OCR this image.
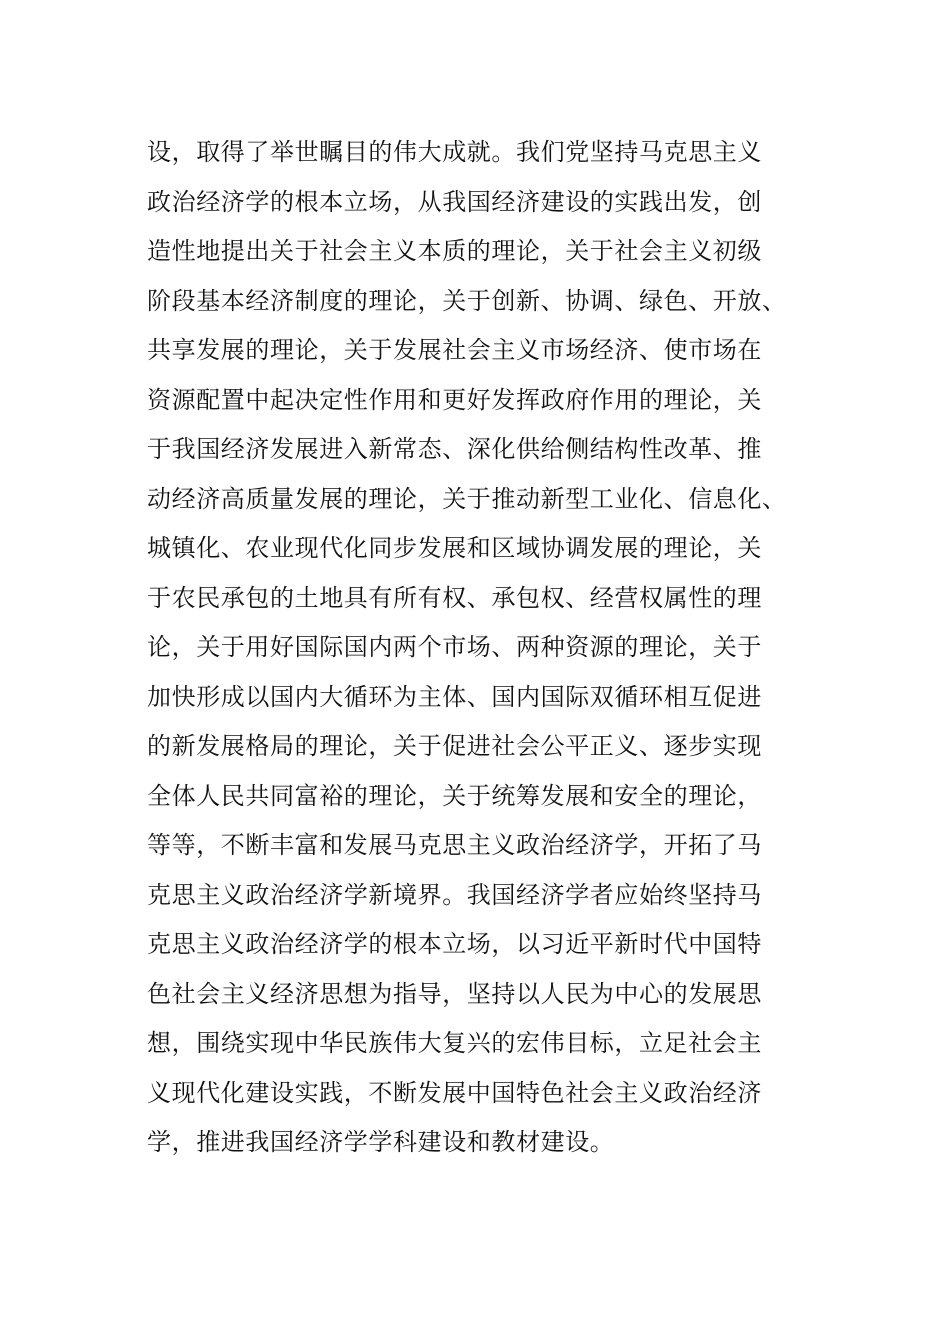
设，取得了举世瞩目的伟大成就。我们党坚持马克思主义
政治经济学的根本立场，从我国经济建设的实践出发，创
造性地提出关于社会主义本质的理论，关于社会主义初级
阶段基本经济制度的理论，关于创新、协调、绿色、开放、
共享发展的理论，关于发展社会主义市场经济、使市场在
资源配置中起决定性作用和更好发挥政府作用的理论，关
于我国经济发展进入新常态、深化供给侧结构性改革、推
动经济高质量发展的理论，关于推动新型工业化、信息化、
城镇化、农业现代化同步发展和区域协调发展的理论，关
于农民承包的土地具有所有权、承包权、经营权属性的理
论，关于用好国际国内两个市场、两种资源的理论，关于
加快形成以国内大循环为主体、国内国际双循环相互促进
的新发展格局的理论，关于促进社会公平正义、逐步实现
全体人民共同富裕的理论，关于统筹发展和安全的理论，
等等，不断丰富和发展马克思主义政治经济学，开拓了马
克思主义政治经济学新境界。我国经济学者应始终坚持马
克思主义政治经济学的根本立场，以习近平新时代中国特
色社会主义经济思想为指导，坚持以人民为中心的发展思
想，围绕实现中华民族伟大复兴的宏伟目标，立足社会主
义现代化建设实践，不断发展中国特色社会主义政治经济
学，推进我国经济学学科建设和教材建设。
